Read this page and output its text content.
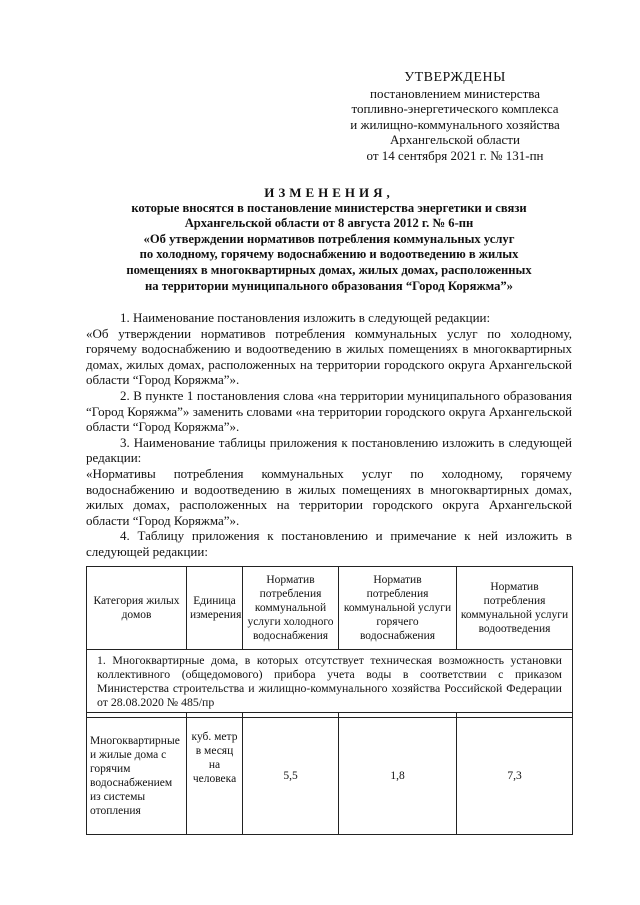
УТВЕРЖДЕНЫ
постановлением министерства
топливно-энергетического комплекса
и жилищно-коммунального хозяйства
Архангельской области
от 14 сентября 2021 г. № 131-пн
ИЗМЕНЕНИЯ,
которые вносятся в постановление министерства энергетики и связи
Архангельской области от 8 августа 2012 г. № 6-пн
«Об утверждении нормативов потребления коммунальных услуг
по холодному, горячему водоснабжению и водоотведению в жилых
помещениях в многоквартирных домах, жилых домах, расположенных
на территории муниципального образования “Город Коряжма”»

1. Наименование постановления изложить в следующей редакции:

«Об утверждении нормативов потребления коммунальных услуг по холодному, горячему водоснабжению и водоотведению в жилых помещениях в многоквартирных домах, жилых домах, расположенных на территории городского округа Архангельской области “Город Коряжма”».

2. В пункте 1 постановления слова «на территории муниципального образования “Город Коряжма”» заменить словами «на территории городского округа Архангельской области “Город Коряжма”».

3. Наименование таблицы приложения к постановлению изложить в следующей редакции:

«Нормативы потребления коммунальных услуг по холодному, горячему водоснабжению и водоотведению в жилых помещениях в многоквартирных домах, жилых домах, расположенных на территории городского округа Архангельской области “Город Коряжма”».

4. Таблицу приложения к постановлению и примечание к ней изложить в следующей редакции:

Категория жилых домов	Единица измерения	Норматив потребления коммунальной услуги холодного водоснабжения	Норматив потребления коммунальной услуги горячего водоснабжения	Норматив потребления коммунальной услуги водоотведения
1. Многоквартирные дома, в которых отсутствует техническая возможность установки коллективного (общедомового) прибора учета воды в соответствии с приказом Министерства строительства и жилищно-коммунального хозяйства Российской Федерации от 28.08.2020 № 485/пр				

Многоквартирные и жилые дома с горячим водоснабжением из системы отопления	куб. метр в месяц на человека	5,5	1,8	7,3
